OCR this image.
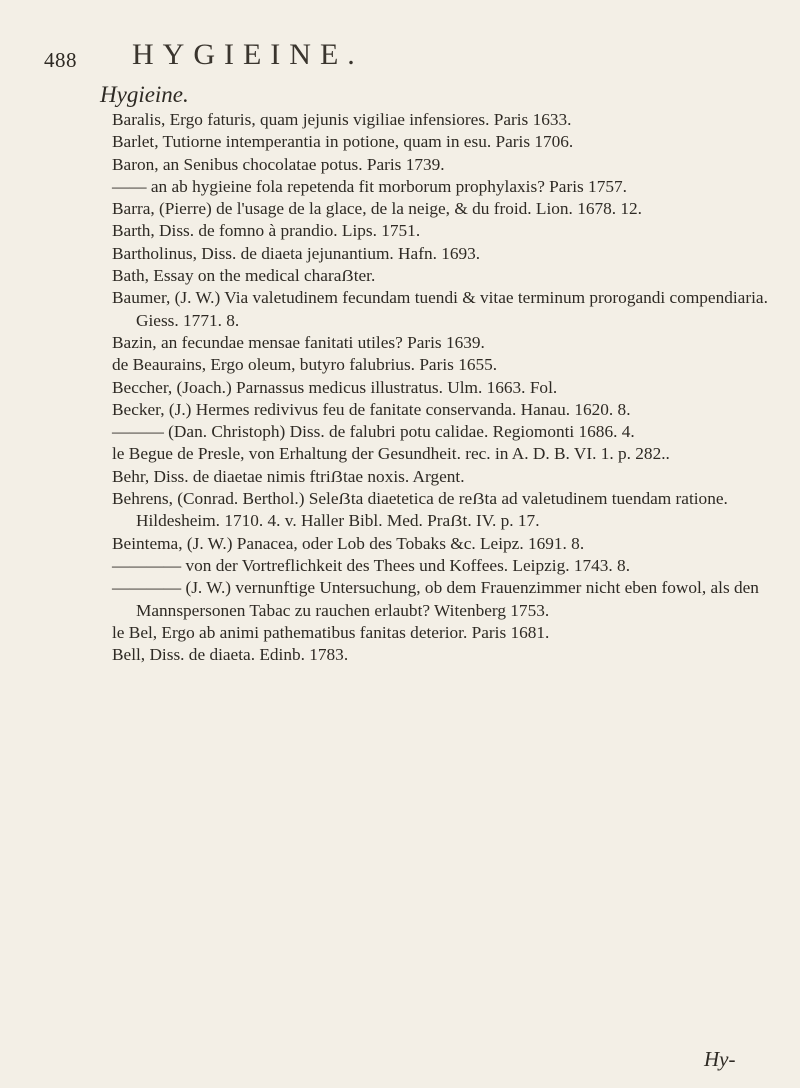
488 HYGIEINE.
Hygieine.

Baralis, Ergo faturis, quam jejunis vigiliae infensiores. Paris 1633.

Barlet, Tutiorne intemperantia in potione, quam in esu. Paris 1706.

Baron, an Senibus chocolatae potus. Paris 1739.

—— an ab hygieine fola repetenda fit morborum prophylaxis? Paris 1757.

Barra, (Pierre) de l'usage de la glace, de la neige, & du froid. Lion. 1678. 12.

Barth, Diss. de fomno à prandio. Lips. 1751.

Bartholinus, Diss. de diaeta jejunantium. Hafn. 1693.

Bath, Essay on the medical charaẞter.

Baumer, (J. W.) Via valetudinem fecundam tuendi & vitae terminum prorogandi compendiaria. Giess. 1771. 8.

Bazin, an fecundae mensae fanitati utiles? Paris 1639.

de Beaurains, Ergo oleum, butyro falubrius. Paris 1655.

Beccher, (Joach.) Parnassus medicus illustratus. Ulm. 1663. Fol.

Becker, (J.) Hermes redivivus feu de fanitate conservanda. Hanau. 1620. 8.

——— (Dan. Christoph) Diss. de falubri potu calidae. Regiomonti 1686. 4.

le Begue de Presle, von Erhaltung der Gesundheit. rec. in A. D. B. VI. 1. p. 282..

Behr, Diss. de diaetae nimis ftriẞtae noxis. Argent.

Behrens, (Conrad. Berthol.) Seleẞta diaetetica de reẞta ad valetudinem tuendam ratione. Hildesheim. 1710. 4. v. Haller Bibl. Med. Praẞt. IV. p. 17.

Beintema, (J. W.) Panacea, oder Lob des Tobaks &c. Leipz. 1691. 8.

———— von der Vortreflichkeit des Thees und Koffees. Leipzig. 1743. 8.

———— (J. W.) vernunftige Untersuchung, ob dem Frauenzimmer nicht eben fowol, als den Mannspersonen Tabac zu rauchen erlaubt? Witenberg 1753.

le Bel, Ergo ab animi pathematibus fanitas deterior. Paris 1681.

Bell, Diss. de diaeta. Edinb. 1783.

Hy-
